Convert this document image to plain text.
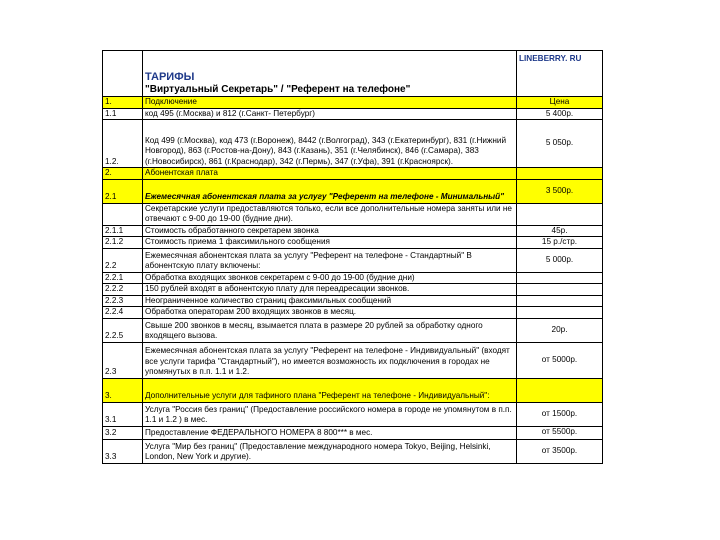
	ТАРИФЫ
"Виртуальный Секретарь" / "Референт на телефоне"	LINEBERRY. RU
1.	Подключение	Цена
1.1	код 495 (г.Москва) и 812 (г.Санкт- Петербург)	5 400р.
1.2.	Код 499 (г.Москва), код 473 (г.Воронеж), 8442 (г.Волгоград), 343 (г.Екатеринбург), 831 (г.Нижний Новгород), 863 (г.Ростов-на-Дону), 843 (г.Казань), 351 (г.Челябинск), 846 (г.Самара), 383 (г.Новосибирск), 861 (г.Краснодар), 342 (г.Пермь), 347 (г.Уфа), 391 (г.Красноярск).	5 050р.
2.	Абонентская плата	
2.1	Ежемесячная абонентская плата за услугу "Референт на телефоне - Минимальный"	3 500р.
	Секретарские услуги предоставляются только, если все дополнительные номера заняты или не отвечают с 9-00 до 19-00 (будние дни).	
2.1.1	Стоимость обработанного секретарем звонка	45р.
2.1.2	Стоимость приема 1 факсимильного сообщения	15 р./стр.
2.2	Ежемесячная абонентская плата за услугу "Референт на телефоне - Стандартный" В абонентскую плату включены:	5 000р.
2.2.1	Обработка входящих звонков секретарем с 9-00 до 19-00 (будние дни)	
2.2.2	150 рублей входят в абонентскую плату для переадресации звонков.	
2.2.3	Неограниченное количество страниц факсимильных сообщений	
2.2.4	Обработка операторам 200 входящих звонков в месяц.	
2.2.5	Свыше 200 звонков в месяц, взымается плата в размере 20 рублей за обработку одного входящего вызова.	20р.
2.3	Ежемесячная абонентская плата за услугу "Референт на телефоне - Индивидуальный" (входят все услуги тарифа "Стандартный"), но имеется возможность их подключения в городах не упомянутых в п.п. 1.1 и 1.2.	от 5000р.
3.	Дополнительные услуги для тафиного плана "Референт на телефоне - Индивидуальный":	
3.1	Услуга "Россия без границ" (Предоставление российского номера в городе не упомянутом в п.п. 1.1 и 1.2 ) в мес.	от 1500р.
3.2	Предоставление ФЕДЕРАЛЬНОГО НОМЕРА 8 800*** в мес.	от 5500р.
3.3	Услуга "Мир без границ" (Предоставление международного номера Tokyo, Beijing, Helsinki, London, New York и другие).	от 3500р.
